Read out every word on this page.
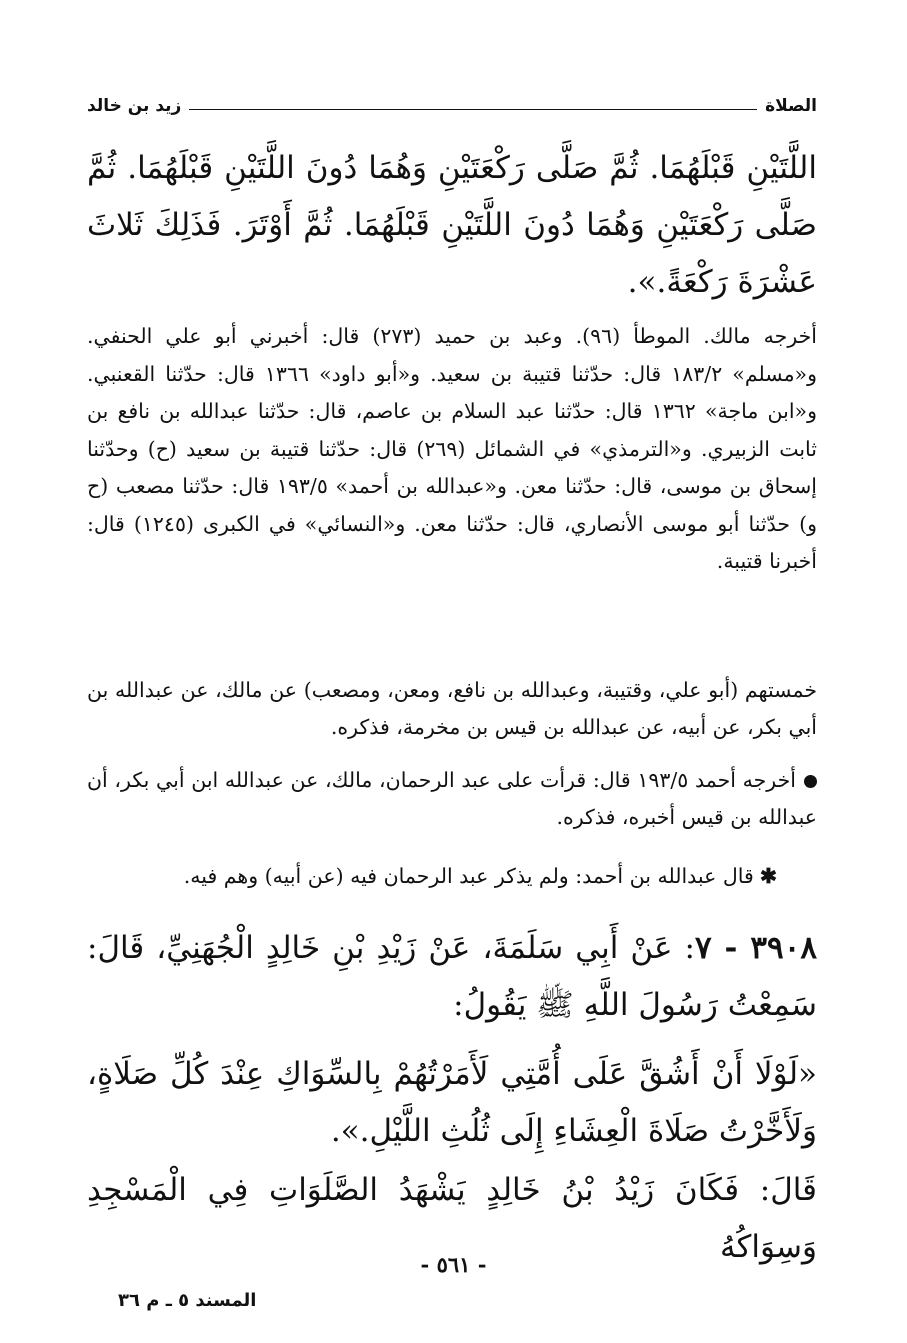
الصلاة
زيد بن خالد
اللَّتَيْنِ قَبْلَهُمَا. ثُمَّ صَلَّى رَكْعَتَيْنِ وَهُمَا دُونَ اللَّتَيْنِ قَبْلَهُمَا. ثُمَّ صَلَّى رَكْعَتَيْنِ وَهُمَا دُونَ اللَّتَيْنِ قَبْلَهُمَا. ثُمَّ أَوْتَرَ. فَذَلِكَ ثَلاثَ عَشْرَةَ رَكْعَةً.».
أخرجه مالك. الموطأ (٩٦). وعبد بن حميد (٢٧٣) قال: أخبرني أبو علي الحنفي. و«مسلم» ١٨٣/٢ قال: حدّثنا قتيبة بن سعيد. و«أبو داود» ١٣٦٦ قال: حدّثنا القعنبي. و«ابن ماجة» ١٣٦٢ قال: حدّثنا عبد السلام بن عاصم، قال: حدّثنا عبدالله بن نافع بن ثابت الزبيري. و«الترمذي» في الشمائل (٢٦٩) قال: حدّثنا قتيبة بن سعيد (ح) وحدّثنا إسحاق بن موسى، قال: حدّثنا معن. و«عبدالله بن أحمد» ١٩٣/٥ قال: حدّثنا مصعب (ح و) حدّثنا أبو موسى الأنصاري، قال: حدّثنا معن. و«النسائي» في الكبرى (١٢٤٥) قال: أخبرنا قتيبة.
خمستهم (أبو علي، وقتيبة، وعبدالله بن نافع، ومعن، ومصعب) عن مالك، عن عبدالله بن أبي بكر، عن أبيه، عن عبدالله بن قيس بن مخرمة، فذكره.
أخرجه أحمد ١٩٣/٥ قال: قرأت على عبد الرحمان، مالك، عن عبدالله ابن أبي بكر، أن عبدالله بن قيس أخبره، فذكره.
✱قال عبدالله بن أحمد: ولم يذكر عبد الرحمان فيه (عن أبيه) وهم فيه.
٣٩٠٨ - ٧: عَنْ أَبِي سَلَمَةَ، عَنْ زَيْدِ بْنِ خَالِدٍ الْجُهَنِيِّ، قَالَ: سَمِعْتُ رَسُولَ اللَّهِ ﷺ يَقُولُ:
«لَوْلَا أَنْ أَشُقَّ عَلَى أُمَّتِي لَأَمَرْتُهُمْ بِالسِّوَاكِ عِنْدَ كُلِّ صَلَاةٍ، وَلَأَخَّرْتُ صَلَاةَ الْعِشَاءِ إِلَى ثُلُثِ اللَّيْلِ.».
قَالَ: فَكَانَ زَيْدُ بْنُ خَالِدٍ يَشْهَدُ الصَّلَوَاتِ فِي الْمَسْجِدِ وَسِوَاكُهُ
- ٥٦١ -
المسند ٥ ـ م ٣٦
